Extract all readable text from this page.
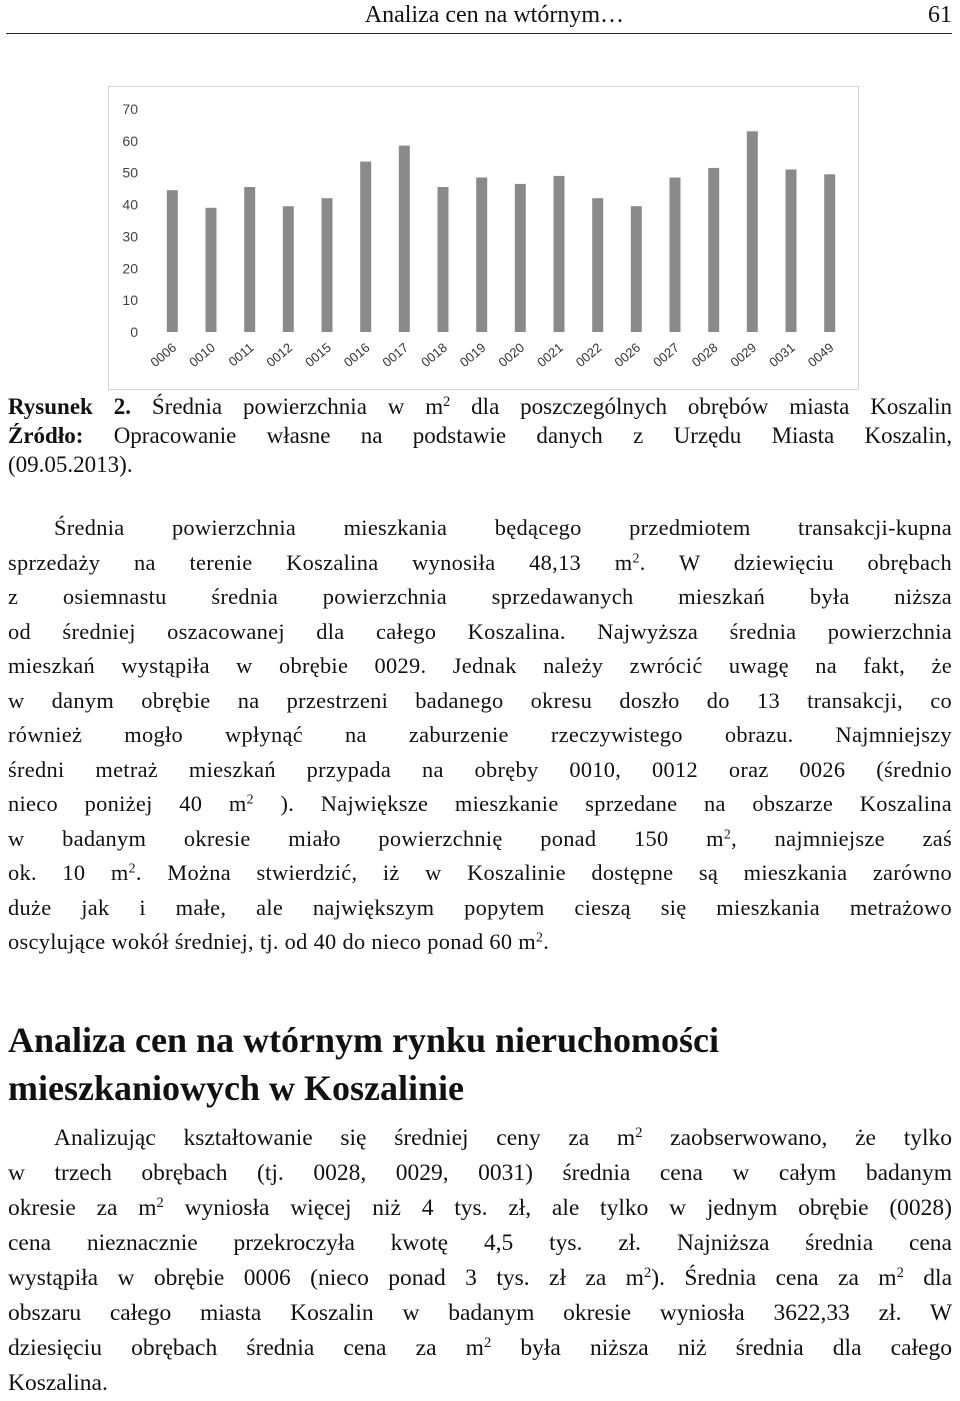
Analiza cen na wtórnym…	61
0
10
20
30
40
50
60
70
0006 0010 0011 0012 0015 0016 0017 0018 0019 0020 0021 0022 0026 0027 0028 0029 0031 0049
Rysunek 2. Średnia powierzchnia w $m^2$ dla poszczególnych obrębów miasta Koszalin
Źródło: Opracowanie własne na podstawie danych z Urzędu Miasta Koszalin,
(09.05.2013).
Średnia powierzchnia mieszkania będącego przedmiotem transakcji-kupna
sprzedaży na terenie Koszalina wynosiła 48,13 $m^2$. W dziewięciu obrębach
z osiemnastu średnia powierzchnia sprzedawanych mieszkań była niższa
od średniej oszacowanej dla całego Koszalina. Najwyższa średnia powierzchnia
mieszkań wystąpiła w obrębie 0029. Jednak należy zwrócić uwagę na fakt, że
w danym obrębie na przestrzeni badanego okresu doszło do 13 transakcji, co
również mogło wpłynąć na zaburzenie rzeczywistego obrazu. Najmniejszy
średni metraż mieszkań przypada na obręby 0010, 0012 oraz 0026 (średnio
nieco poniżej 40 $m^2$ ). Największe mieszkanie sprzedane na obszarze Koszalina
w badanym okresie miało powierzchnię ponad 150 $m^2$, najmniejsze zaś
ok. 10 $m^2$. Można stwierdzić, iż w Koszalinie dostępne są mieszkania zarówno
duże jak i małe, ale największym popytem cieszą się mieszkania metrażowo
oscylujące wokół średniej, tj. od 40 do nieco ponad 60 $m^2$.
Analiza cen na wtórnym rynku nieruchomości
mieszkaniowych w Koszalinie
Analizując kształtowanie się średniej ceny za $m^2$ zaobserwowano, że tylko
w trzech obrębach (tj. 0028, 0029, 0031) średnia cena w całym badanym
okresie za $m^2$ wyniosła więcej niż 4 tys. zł, ale tylko w jednym obrębie (0028)
cena nieznacznie przekroczyła kwotę 4,5 tys. zł. Najniższa średnia cena
wystąpiła w obrębie 0006 (nieco ponad 3 tys. zł za $m^2$). Średnia cena za $m^2$ dla
obszaru całego miasta Koszalin w badanym okresie wyniosła 3622,33 zł. W
dziesięciu obrębach średnia cena za $m^2$ była niższa niż średnia dla całego
Koszalina.
